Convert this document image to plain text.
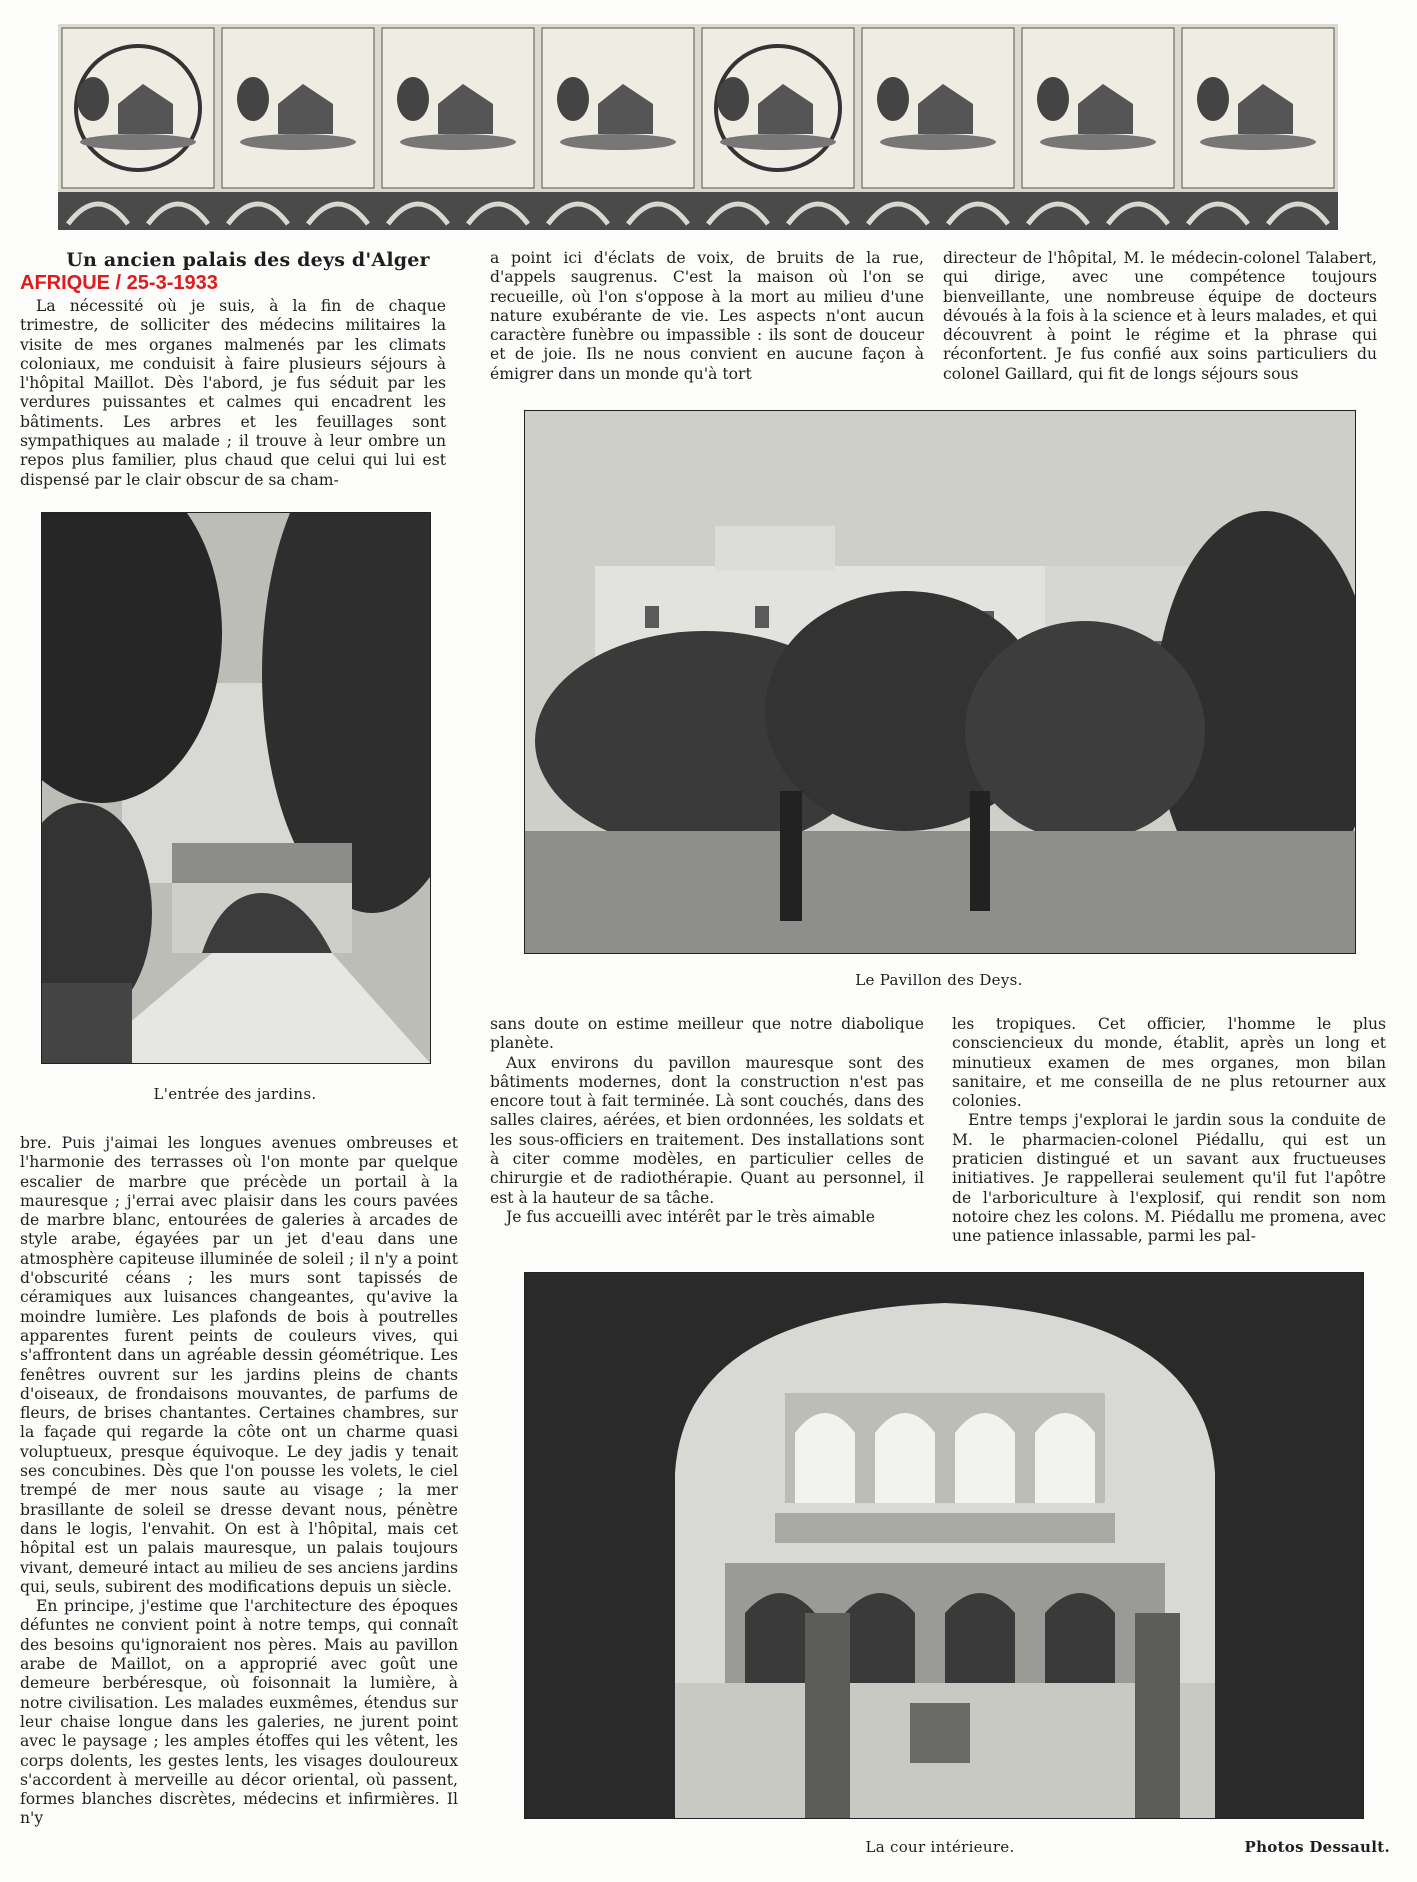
Un ancien palais des deys d'Alger
AFRIQUE / 25-3-1933

La nécessité où je suis, à la fin de chaque trimestre, de solliciter des médecins militaires la visite de mes organes malmenés par les climats coloniaux, me conduisit à faire plusieurs séjours à l'hôpital Maillot. Dès l'abord, je fus séduit par les verdures puissantes et calmes qui encadrent les bâtiments. Les arbres et les feuillages sont sympathiques au malade ; il trouve à leur ombre un repos plus familier, plus chaud que celui qui lui est dispensé par le clair obscur de sa cham-

a point ici d'éclats de voix, de bruits de la rue, d'appels saugrenus. C'est la maison où l'on se recueille, où l'on s'oppose à la mort au milieu d'une nature exubérante de vie. Les aspects n'ont aucun caractère funèbre ou impassible : ils sont de douceur et de joie. Ils ne nous convient en aucune façon à émigrer dans un monde qu'à tort

directeur de l'hôpital, M. le médecin-colonel Talabert, qui dirige, avec une compétence toujours bienveillante, une nombreuse équipe de docteurs dévoués à la fois à la science et à leurs malades, et qui découvrent à point le régime et la phrase qui réconfortent. Je fus confié aux soins particuliers du colonel Gaillard, qui fit de longs séjours sous

L'entrée des jardins.
Le Pavillon des Deys.

bre. Puis j'aimai les longues avenues ombreuses et l'harmonie des terrasses où l'on monte par quelque escalier de marbre que précède un portail à la mauresque ; j'errai avec plaisir dans les cours pavées de marbre blanc, entourées de galeries à arcades de style arabe, égayées par un jet d'eau dans une atmosphère capiteuse illuminée de soleil ; il n'y a point d'obscurité céans ; les murs sont tapissés de céramiques aux luisances changeantes, qu'avive la moindre lumière. Les plafonds de bois à poutrelles apparentes furent peints de couleurs vives, qui s'affrontent dans un agréable dessin géométrique. Les fenêtres ouvrent sur les jardins pleins de chants d'oiseaux, de frondaisons mouvantes, de parfums de fleurs, de brises chantantes. Certaines chambres, sur la façade qui regarde la côte ont un charme quasi voluptueux, presque équivoque. Le dey jadis y tenait ses concubines. Dès que l'on pousse les volets, le ciel trempé de mer nous saute au visage ; la mer brasillante de soleil se dresse devant nous, pénètre dans le logis, l'envahit. On est à l'hôpital, mais cet hôpital est un palais mauresque, un palais toujours vivant, demeuré intact au milieu de ses anciens jardins qui, seuls, subirent des modifications depuis un siècle.

En principe, j'estime que l'architecture des époques défuntes ne convient point à notre temps, qui connaît des besoins qu'ignoraient nos pères. Mais au pavillon arabe de Maillot, on a approprié avec goût une demeure berbéresque, où foisonnait la lumière, à notre civilisation. Les malades euxmêmes, étendus sur leur chaise longue dans les galeries, ne jurent point avec le paysage ; les amples étoffes qui les vêtent, les corps dolents, les gestes lents, les visages douloureux s'accordent à merveille au décor oriental, où passent, formes blanches discrètes, médecins et infirmières. Il n'y

sans doute on estime meilleur que notre diabolique planète.

Aux environs du pavillon mauresque sont des bâtiments modernes, dont la construction n'est pas encore tout à fait terminée. Là sont couchés, dans des salles claires, aérées, et bien ordonnées, les soldats et les sous-officiers en traitement. Des installations sont à citer comme modèles, en particulier celles de chirurgie et de radiothérapie. Quant au personnel, il est à la hauteur de sa tâche.

Je fus accueilli avec intérêt par le très aimable

les tropiques. Cet officier, l'homme le plus consciencieux du monde, établit, après un long et minutieux examen de mes organes, mon bilan sanitaire, et me conseilla de ne plus retourner aux colonies.

Entre temps j'explorai le jardin sous la conduite de M. le pharmacien-colonel Piédallu, qui est un praticien distingué et un savant aux fructueuses initiatives. Je rappellerai seulement qu'il fut l'apôtre de l'arboriculture à l'explosif, qui rendit son nom notoire chez les colons. M. Piédallu me promena, avec une patience inlassable, parmi les pal-

La cour intérieure.	Photos Dessault.
